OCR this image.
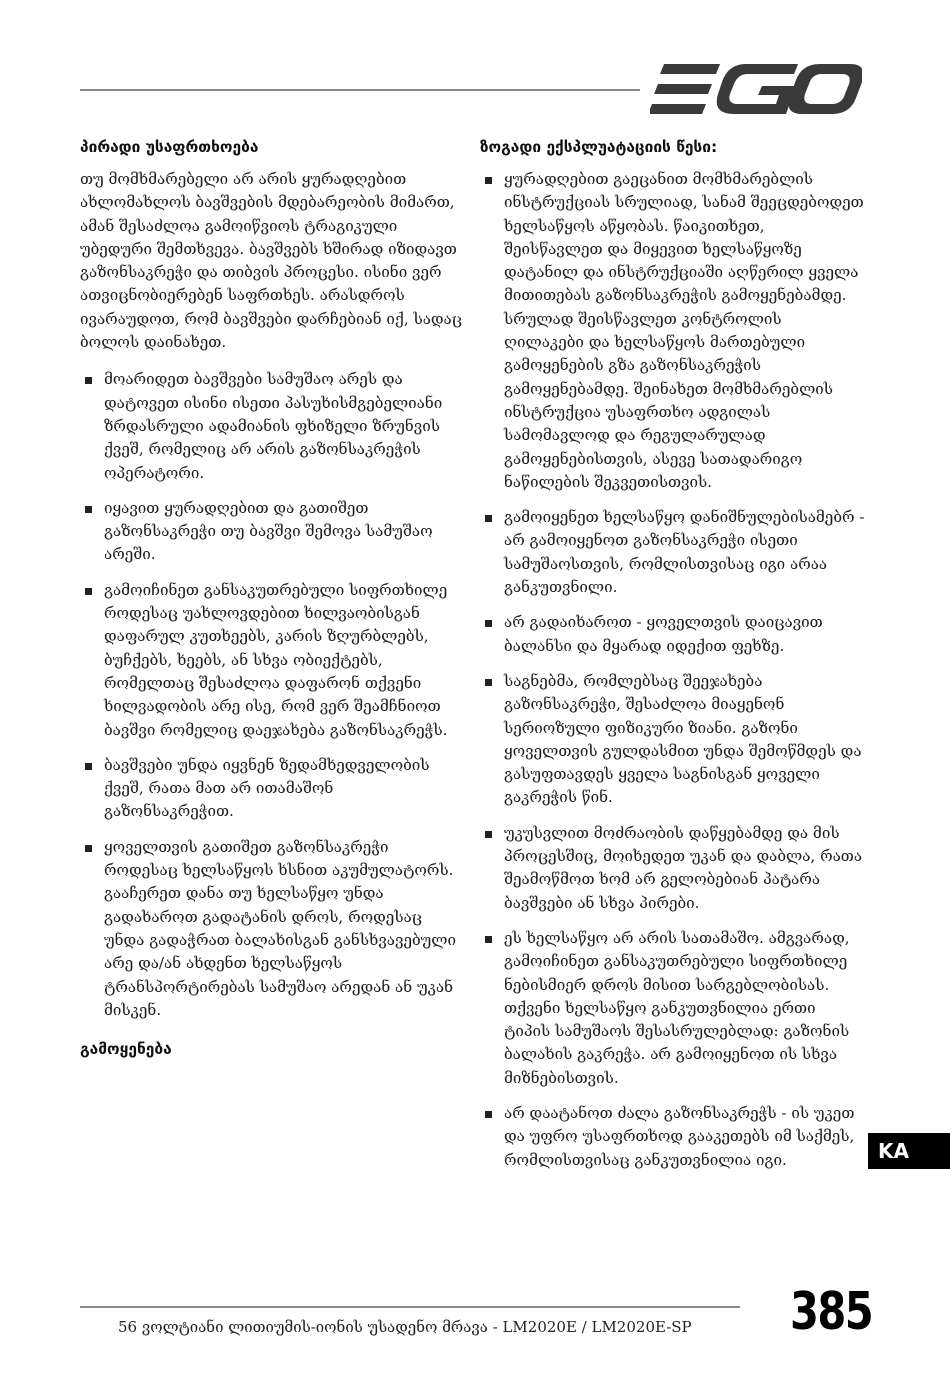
პირადი უსაფრთხოება

თუ მომხმარებელი არ არის ყურადღებით ახლომახლოს ბავშვების მდებარეობის მიმართ, ამან შესაძლოა გამოიწვიოს ტრაგიკული უბედური შემთხვევა. ბავშვებს ხშირად იზიდავთ გაზონსაკრეჭი და თიბვის პროცესი. ისინი ვერ ათვიცნობიერებენ საფრთხეს. არასდროს ივარაუდოთ, რომ ბავშვები დარჩებიან იქ, სადაც ბოლოს დაინახეთ.

მოარიდეთ ბავშვები სამუშაო არეს და დატოვეთ ისინი ისეთი პასუხისმგებელიანი ზრდასრული ადამიანის ფხიზელი ზრუნვის ქვეშ, რომელიც არ არის გაზონსაკრეჭის ოპერატორი.
იყავით ყურადღებით და გათიშეთ გაზონსაკრეჭი თუ ბავშვი შემოვა სამუშაო არეში.
გამოიჩინეთ განსაკუთრებული სიფრთხილე როდესაც უახლოვდებით ხილვაობისგან დაფარულ კუთხეებს, კარის ზღურბლებს, ბუჩქებს, ხეებს, ან სხვა ობიექტებს, რომელთაც შესაძლოა დაფარონ თქვენი ხილვადობის არე ისე, რომ ვერ შეამჩნიოთ ბავშვი რომელიც დაეჯახება გაზონსაკრეჭს.
ბავშვები უნდა იყვნენ ზედამხედველობის ქვეშ, რათა მათ არ ითამაშონ გაზონსაკრეჭით.
ყოველთვის გათიშეთ გაზონსაკრეჭი როდესაც ხელსაწყოს ხსნით აკუმულატორს. გააჩერეთ დანა თუ ხელსაწყო უნდა გადახაროთ გადატანის დროს, როდესაც უნდა გადაჭრათ ბალახისგან განსხვავებული არე და/ან ახდენთ ხელსაწყოს ტრანსპორტირებას სამუშაო არედან ან უკან მისკენ.
გამოყენება
ზოგადი ექსპლუატაციის წესი:
ყურადღებით გაეცანით მომხმარებლის ინსტრუქციას სრულიად, სანამ შეეცდებოდეთ ხელსაწყოს აწყობას. წაიკითხეთ, შეისწავლეთ და მიყევით ხელსაწყოზე დატანილ და ინსტრუქციაში აღწერილ ყველა მითითებას გაზონსაკრეჭის გამოყენებამდე. სრულად შეისწავლეთ კონტროლის ღილაკები და ხელსაწყოს მართებული გამოყენების გზა გაზონსაკრეჭის გამოყენებამდე. შეინახეთ მომხმარებლის ინსტრუქცია უსაფრთხო ადგილას სამომავლოდ და რეგულარულად გამოყენებისთვის, ასევე სათადარიგო ნაწილების შეკვეთისთვის.
გამოიყენეთ ხელსაწყო დანიშნულებისამებრ - არ გამოიყენოთ გაზონსაკრეჭი ისეთი სამუშაოსთვის, რომლისთვისაც იგი არაა განკუთვნილი.
არ გადაიხაროთ - ყოველთვის დაიცავით ბალანსი და მყარად იდექით ფეხზე.
საგნებმა, რომლებსაც შეეჯახება გაზონსაკრეჭი, შესაძლოა მიაყენონ სერიოზული ფიზიკური ზიანი. გაზონი ყოველთვის გულდასმით უნდა შემოწმდეს და გასუფთავდეს ყველა საგნისგან ყოველი გაკრეჭის წინ.
უკუსვლით მოძრაობის დაწყებამდე და მის პროცესშიც, მოიხედეთ უკან და დაბლა, რათა შეამოწმოთ ხომ არ გელობებიან პატარა ბავშვები ან სხვა პირები.
ეს ხელსაწყო არ არის სათამაშო. ამგვარად, გამოიჩინეთ განსაკუთრებული სიფრთხილე ნებისმიერ დროს მისით სარგებლობისას. თქვენი ხელსაწყო განკუთვნილია ერთი ტიპის სამუშაოს შესასრულებლად: გაზონის ბალახის გაკრეჭა. არ გამოიყენოთ ის სხვა მიზნებისთვის.
არ დაატანოთ ძალა გაზონსაკრეჭს - ის უკეთ და უფრო უსაფრთხოდ გააკეთებს იმ საქმეს, რომლისთვისაც განკუთვნილია იგი.	KA
56 ვოლტიანი ლითიუმის-იონის უსადენო მრავა - LM2020E / LM2020E-SP 385
